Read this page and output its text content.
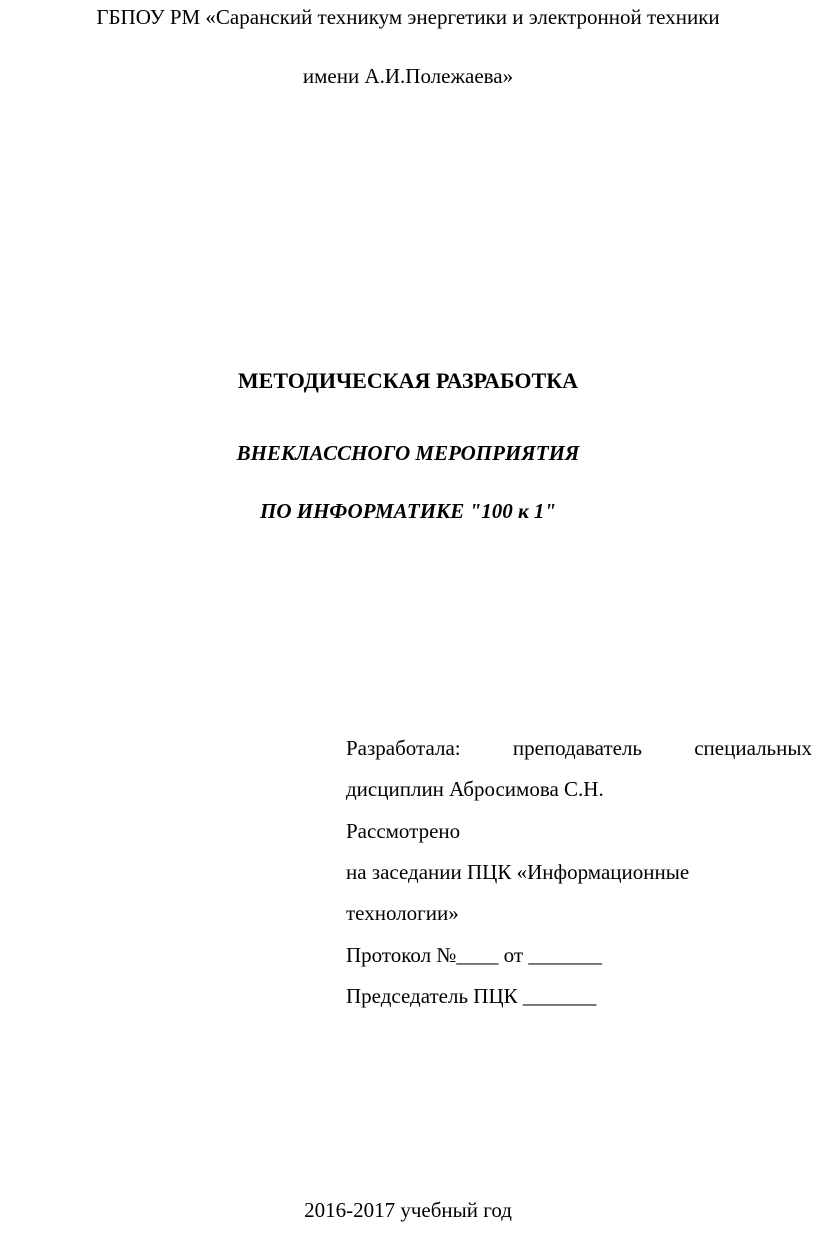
ГБПОУ РМ «Саранский техникум энергетики и электронной техники
имени А.И.Полежаева»
МЕТОДИЧЕСКАЯ РАЗРАБОТКА
ВНЕКЛАССНОГО МЕРОПРИЯТИЯ
ПО ИНФОРМАТИКЕ "100 к 1"
Разработала: преподаватель специальных
дисциплин Абросимова С.Н.
Рассмотрено
на заседании ПЦК «Информационные
технологии»
Протокол №____ от _______
Председатель ПЦК _______
2016-2017 учебный год
